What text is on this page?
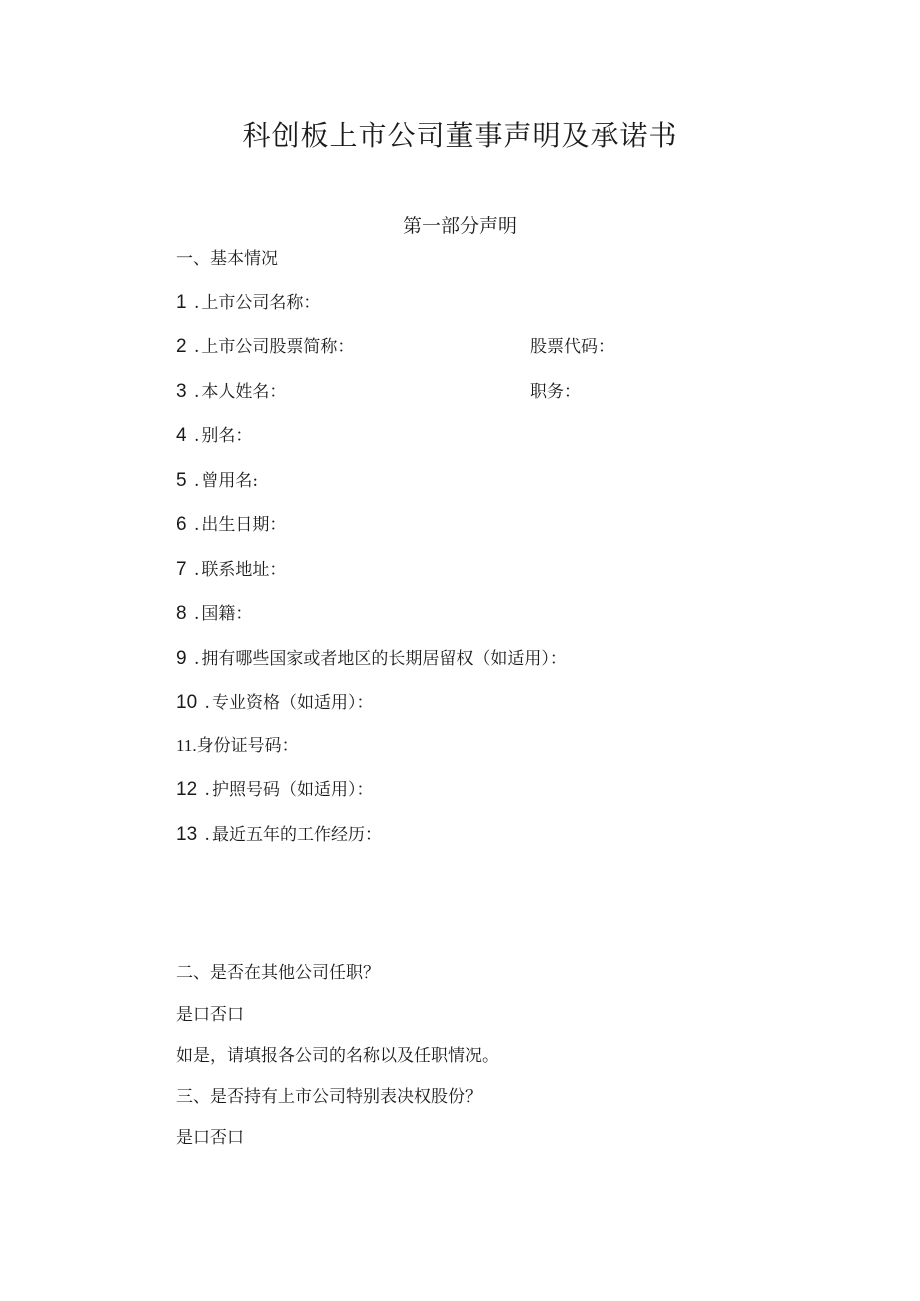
科创板上市公司董事声明及承诺书
第一部分声明
一、基本情况
1 . 上市公司名称：
2 . 上市公司股票简称：	股票代码：
3 . 本人姓名：	职务：
4 . 别名：
5 . 曾用名:
6 . 出生日期：
7 . 联系地址：
8 . 国籍：
9 . 拥有哪些国家或者地区的长期居留权（如适用）：
10 . 专业资格（如适用）：
11.身份证号码：
12 . 护照号码（如适用）：
13 . 最近五年的工作经历：
二、是否在其他公司任职？
是口否口
如是，请填报各公司的名称以及任职情况。
三、是否持有上市公司特别表决权股份？
是口否口
